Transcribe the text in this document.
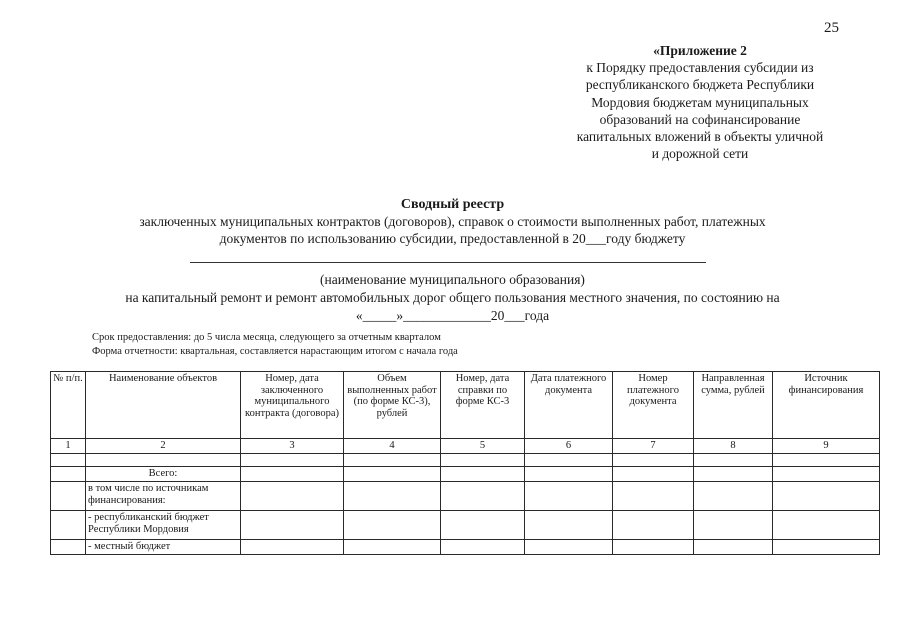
25
«Приложение 2
к Порядку предоставления субсидии из
республиканского бюджета Республики
Мордовия бюджетам муниципальных
образований на софинансирование
капитальных вложений в объекты уличной
и дорожной сети
Сводный реестр
заключенных муниципальных контрактов (договоров), справок о стоимости выполненных работ, платежных
документов по использованию субсидии, предоставленной в 20___году бюджету
(наименование муниципального образования)
на капитальный ремонт и ремонт автомобильных дорог общего пользования местного значения, по состоянию на
«_____»_____________20___года
Срок предоставления: до 5 числа месяца, следующего за отчетным кварталом
Форма отчетности: квартальная, составляется нарастающим итогом с начала года
№ п/п.	Наименование объектов	Номер, дата заключенного муниципального контракта (договора)	Объем выполненных работ (по форме КС-3), рублей	Номер, дата справки по форме КС-3	Дата платежного документа	Номер платежного документа	Направленная сумма, рублей	Источник финансирования
1	2	3	4	5	6	7	8	9

	Всего:							
	в том числе по источникам финансирования:							
	- республиканский бюджет Республики Мордовия							
	- местный бюджет							
